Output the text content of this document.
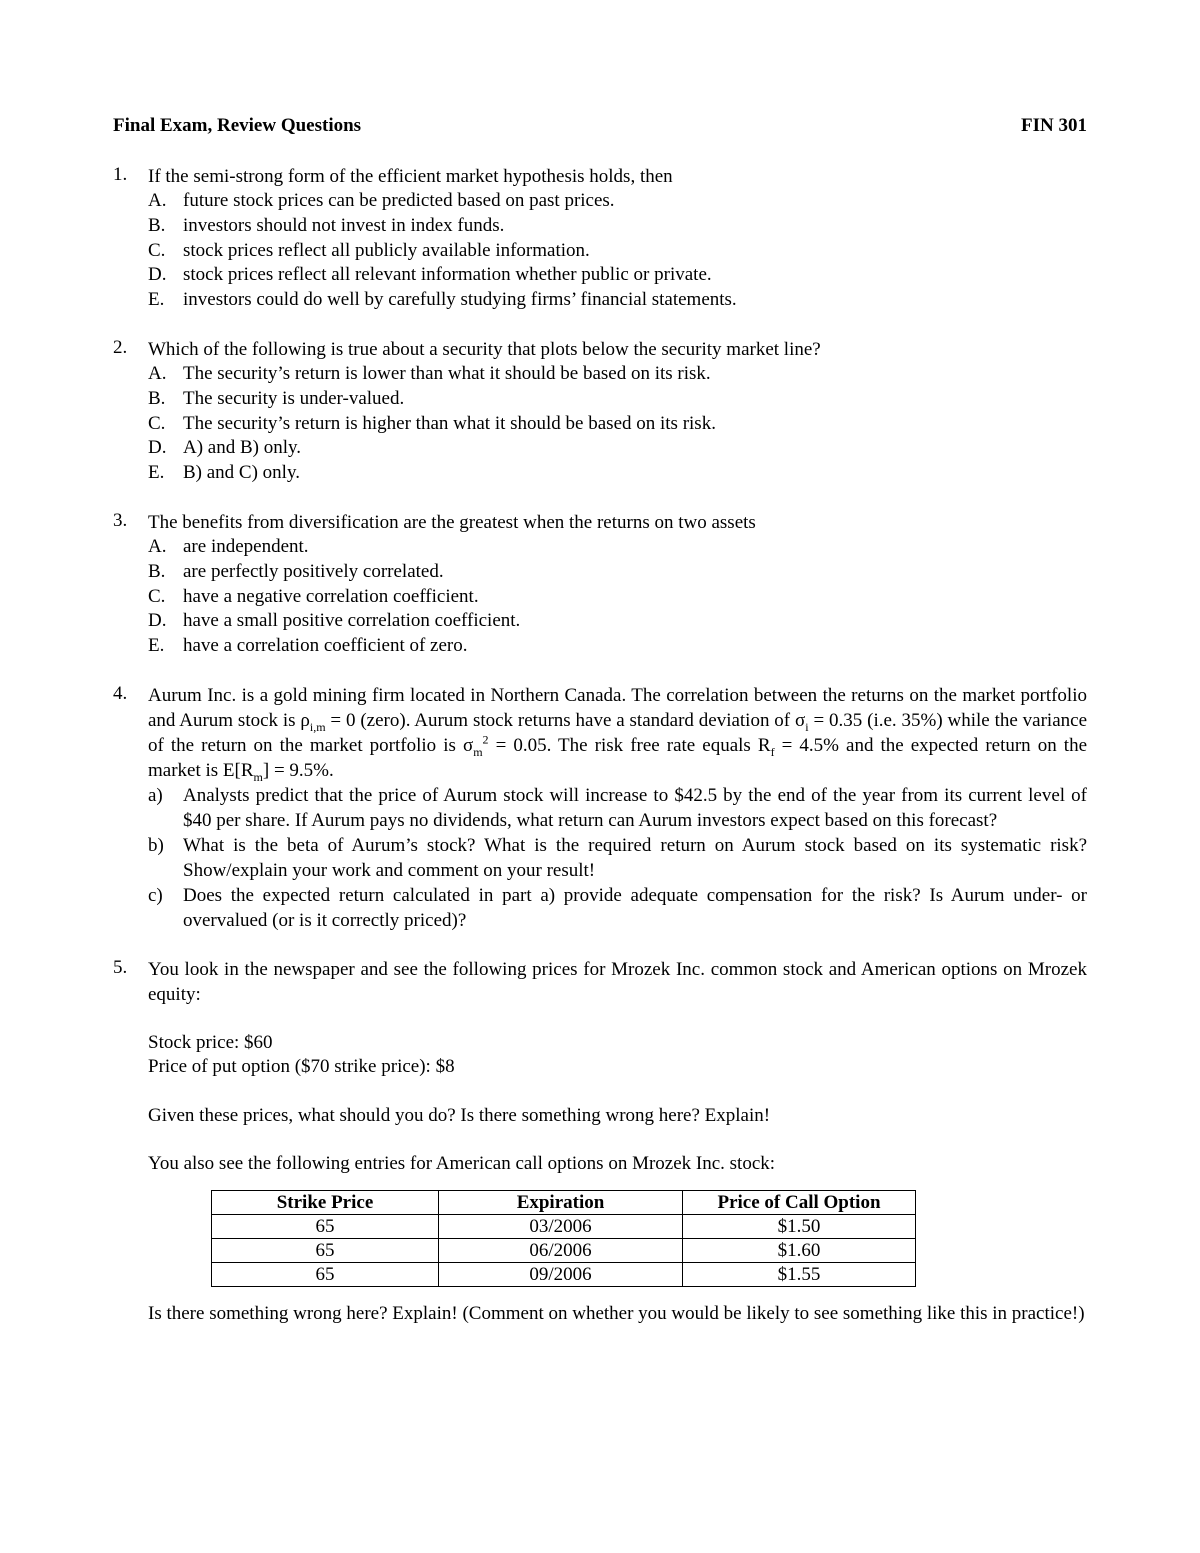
Final Exam, Review Questions	FIN 301
1.	If the semi-strong form of the efficient market hypothesis holds, then
A. future stock prices can be predicted based on past prices.
B. investors should not invest in index funds.
C. stock prices reflect all publicly available information.
D. stock prices reflect all relevant information whether public or private.
E. investors could do well by carefully studying firms’ financial statements.
2.	Which of the following is true about a security that plots below the security market line?
A. The security’s return is lower than what it should be based on its risk.
B. The security is under-valued.
C. The security’s return is higher than what it should be based on its risk.
D. A) and B) only.
E. B) and C) only.
3.	The benefits from diversification are the greatest when the returns on two assets
A. are independent.
B. are perfectly positively correlated.
C. have a negative correlation coefficient.
D. have a small positive correlation coefficient.
E. have a correlation coefficient of zero.
4.	Aurum Inc. is a gold mining firm located in Northern Canada. The correlation between the returns on the market portfolio and Aurum stock is $\rho_{i,m} = 0$ (zero). Aurum stock returns have a standard deviation of $\sigma_i = 0.35$ (i.e. 35%) while the variance of the return on the market portfolio is $\sigma_m^2 = 0.05$. The risk free rate equals $R_f = 4.5\%$ and the expected return on the market is $E[R_m] = 9.5\%$.
a)	Analysts predict that the price of Aurum stock will increase to $42.5 by the end of the year from its current level of $40 per share. If Aurum pays no dividends, what return can Aurum investors expect based on this forecast?
b)	What is the beta of Aurum’s stock? What is the required return on Aurum stock based on its systematic risk? Show/explain your work and comment on your result!
c)	Does the expected return calculated in part a) provide adequate compensation for the risk? Is Aurum under- or overvalued (or is it correctly priced)?
5.	You look in the newspaper and see the following prices for Mrozek Inc. common stock and American options on Mrozek equity:
Stock price: $60
Price of put option ($70 strike price): $8
Given these prices, what should you do? Is there something wrong here? Explain!
You also see the following entries for American call options on Mrozek Inc. stock:
Strike Price	Expiration	Price of Call Option
65	03/2006	$1.50
65	06/2006	$1.60
65	09/2006	$1.55
Is there something wrong here? Explain! (Comment on whether you would be likely to see something like this in practice!)
